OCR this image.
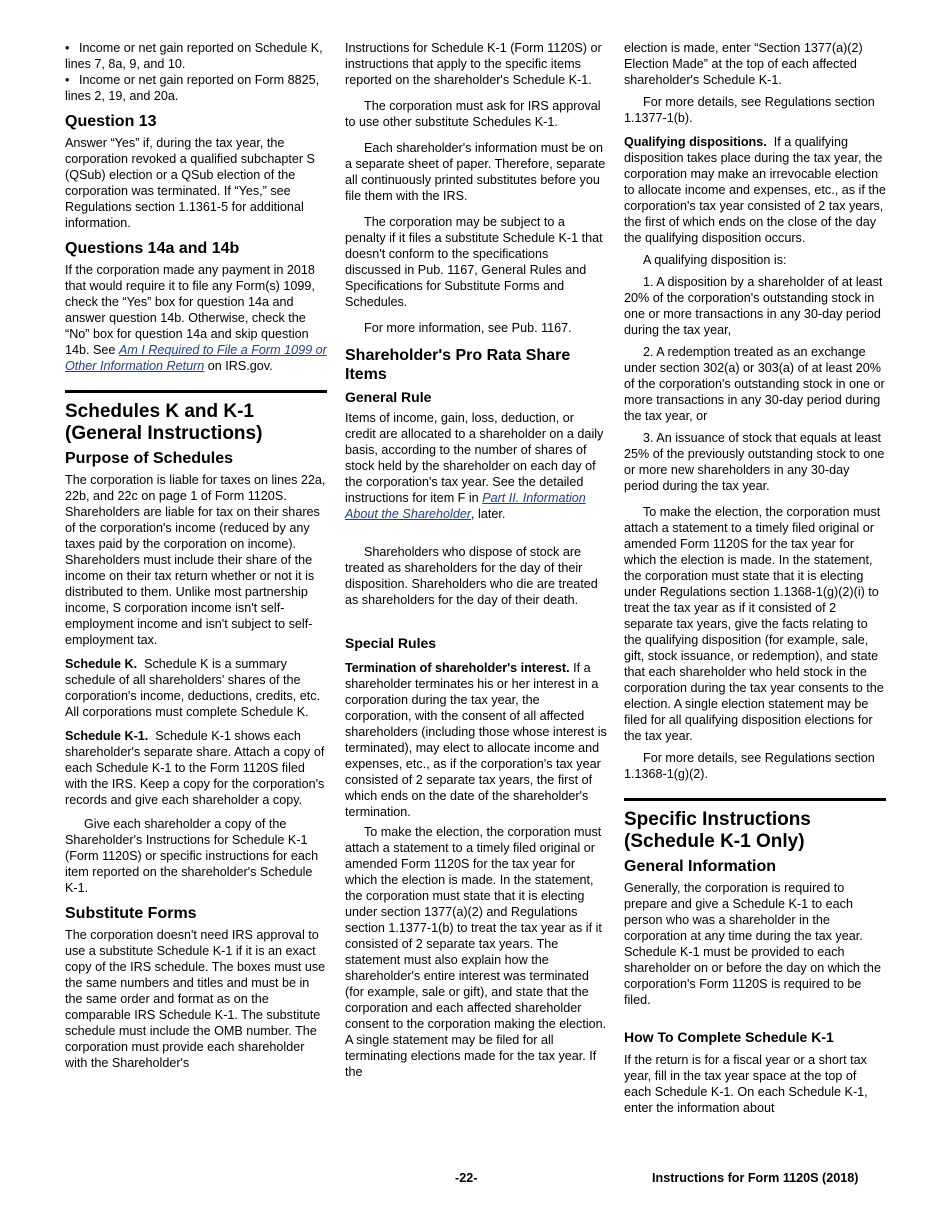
• Income or net gain reported on Schedule K, lines 7, 8a, 9, and 10.

• Income or net gain reported on Form 8825, lines 2, 19, and 20a.

Question 13

Answer “Yes” if, during the tax year, the corporation revoked a qualified subchapter S (QSub) election or a QSub election of the corporation was terminated. If “Yes,” see Regulations section 1.1361-5 for additional information.

Questions 14a and 14b

If the corporation made any payment in 2018 that would require it to file any Form(s) 1099, check the “Yes” box for question 14a and answer question 14b. Otherwise, check the “No” box for question 14a and skip question 14b. See Am I Required to File a Form 1099 or Other Information Return on IRS.gov.

Schedules K and K-1
(General Instructions)
Purpose of Schedules

The corporation is liable for taxes on lines 22a, 22b, and 22c on page 1 of Form 1120S. Shareholders are liable for tax on their shares of the corporation's income (reduced by any taxes paid by the corporation on income). Shareholders must include their share of the income on their tax return whether or not it is distributed to them. Unlike most partnership income, S corporation income isn't self-employment income and isn't subject to self-employment tax.

Schedule K. Schedule K is a summary schedule of all shareholders' shares of the corporation's income, deductions, credits, etc. All corporations must complete Schedule K.

Schedule K-1. Schedule K-1 shows each shareholder's separate share. Attach a copy of each Schedule K-1 to the Form 1120S filed with the IRS. Keep a copy for the corporation's records and give each shareholder a copy.

Give each shareholder a copy of the Shareholder's Instructions for Schedule K-1 (Form 1120S) or specific instructions for each item reported on the shareholder's Schedule K-1.

Substitute Forms

The corporation doesn't need IRS approval to use a substitute Schedule K-1 if it is an exact copy of the IRS schedule. The boxes must use the same numbers and titles and must be in the same order and format as on the comparable IRS Schedule K-1. The substitute schedule must include the OMB number. The corporation must provide each shareholder with the Shareholder's

Instructions for Schedule K-1 (Form 1120S) or instructions that apply to the specific items reported on the shareholder's Schedule K-1.

The corporation must ask for IRS approval to use other substitute Schedules K-1.

Each shareholder's information must be on a separate sheet of paper. Therefore, separate all continuously printed substitutes before you file them with the IRS.

The corporation may be subject to a penalty if it files a substitute Schedule K-1 that doesn't conform to the specifications discussed in Pub. 1167, General Rules and Specifications for Substitute Forms and Schedules.

For more information, see Pub. 1167.

Shareholder's Pro Rata Share Items
General Rule

Items of income, gain, loss, deduction, or credit are allocated to a shareholder on a daily basis, according to the number of shares of stock held by the shareholder on each day of the corporation's tax year. See the detailed instructions for item F in Part II. Information About the Shareholder, later.

Shareholders who dispose of stock are treated as shareholders for the day of their disposition. Shareholders who die are treated as shareholders for the day of their death.

Special Rules

Termination of shareholder's interest. If a shareholder terminates his or her interest in a corporation during the tax year, the corporation, with the consent of all affected shareholders (including those whose interest is terminated), may elect to allocate income and expenses, etc., as if the corporation's tax year consisted of 2 separate tax years, the first of which ends on the date of the shareholder's termination.

To make the election, the corporation must attach a statement to a timely filed original or amended Form 1120S for the tax year for which the election is made. In the statement, the corporation must state that it is electing under section 1377(a)(2) and Regulations section 1.1377-1(b) to treat the tax year as if it consisted of 2 separate tax years. The statement must also explain how the shareholder's entire interest was terminated (for example, sale or gift), and state that the corporation and each affected shareholder consent to the corporation making the election. A single statement may be filed for all terminating elections made for the tax year. If the

election is made, enter “Section 1377(a)(2) Election Made” at the top of each affected shareholder's Schedule K-1.

For more details, see Regulations section 1.1377-1(b).

Qualifying dispositions. If a qualifying disposition takes place during the tax year, the corporation may make an irrevocable election to allocate income and expenses, etc., as if the corporation's tax year consisted of 2 tax years, the first of which ends on the close of the day the qualifying disposition occurs.

A qualifying disposition is:

1. A disposition by a shareholder of at least 20% of the corporation's outstanding stock in one or more transactions in any 30-day period during the tax year,

2. A redemption treated as an exchange under section 302(a) or 303(a) of at least 20% of the corporation's outstanding stock in one or more transactions in any 30-day period during the tax year, or

3. An issuance of stock that equals at least 25% of the previously outstanding stock to one or more new shareholders in any 30-day period during the tax year.

To make the election, the corporation must attach a statement to a timely filed original or amended Form 1120S for the tax year for which the election is made. In the statement, the corporation must state that it is electing under Regulations section 1.1368-1(g)(2)(i) to treat the tax year as if it consisted of 2 separate tax years, give the facts relating to the qualifying disposition (for example, sale, gift, stock issuance, or redemption), and state that each shareholder who held stock in the corporation during the tax year consents to the election. A single election statement may be filed for all qualifying disposition elections for the tax year.

For more details, see Regulations section 1.1368-1(g)(2).

Specific Instructions
(Schedule K-1 Only)
General Information

Generally, the corporation is required to prepare and give a Schedule K-1 to each person who was a shareholder in the corporation at any time during the tax year. Schedule K-1 must be provided to each shareholder on or before the day on which the corporation's Form 1120S is required to be filed.

How To Complete Schedule K-1

If the return is for a fiscal year or a short tax year, fill in the tax year space at the top of each Schedule K-1. On each Schedule K-1, enter the information about

-22-	Instructions for Form 1120S (2018)
